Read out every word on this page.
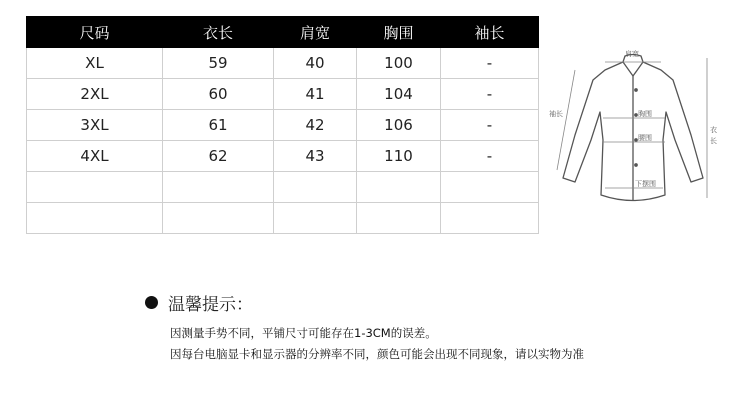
尺码	衣长	肩宽	胸围	袖长
XL	59	40	100	-
2XL	60	41	104	-
3XL	61	42	106	-
4XL	62	43	110	-

肩宽
袖长	胸围
腰围
下摆围
衣
长
温馨提示：
因测量手势不同，平铺尺寸可能存在1-3CM的误差。
因每台电脑显卡和显示器的分辨率不同，颜色可能会出现不同现象，请以实物为准
